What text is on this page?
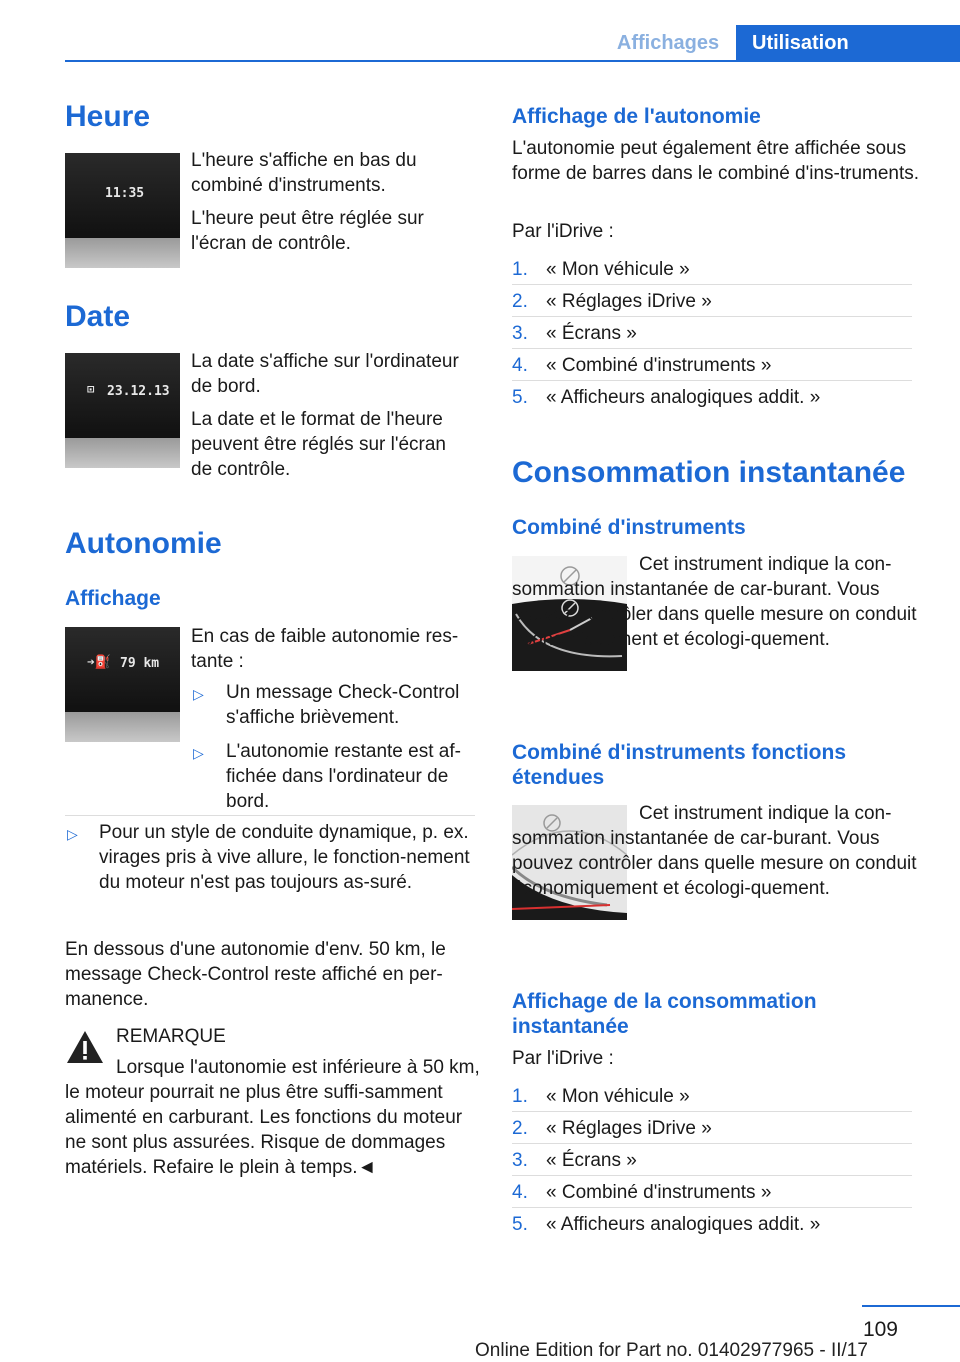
Affichages	Utilisation
Heure
11:35
L'heure s'affiche en bas du combiné d'instruments.
L'heure peut être réglée sur l'écran de contrôle.
Date
⊡ 23.12.13
La date s'affiche sur l'ordinateur de bord.
La date et le format de l'heure peuvent être réglés sur l'écran de contrôle.
Autonomie
Affichage
➔⛽ 79 km
En cas de faible autonomie res-tante :
▷ Un message Check-Control s'affiche brièvement.
▷ L'autonomie restante est af-fichée dans l'ordinateur de bord.
▷ Pour un style de conduite dynamique, p. ex. virages pris à vive allure, le fonction-nement du moteur n'est pas toujours as-suré.
En dessous d'une autonomie d'env. 50 km, le message Check-Control reste affiché en per-manence.
REMARQUE
Lorsque l'autonomie est inférieure à 50 km, le moteur pourrait ne plus être suffi-samment alimenté en carburant. Les fonctions du moteur ne sont plus assurées. Risque de dommages matériels. Refaire le plein à temps.◄
Affichage de l'autonomie
L'autonomie peut également être affichée sous forme de barres dans le combiné d'ins-truments.
Par l'iDrive :
1. « Mon véhicule »
2. « Réglages iDrive »
3. « Écrans »
4. « Combiné d'instruments »
5. « Afficheurs analogiques addit. »
Consommation instantanée
Combiné d'instruments
Cet instrument indique la con-sommation instantanée de car-burant. Vous pouvez contrôler dans quelle mesure on conduit économiquement et écologi-quement.
Combiné d'instruments fonctions étendues
Cet instrument indique la con-sommation instantanée de car-burant. Vous pouvez contrôler dans quelle mesure on conduit économiquement et écologi-quement.
Affichage de la consommation instantanée
Par l'iDrive :
1. « Mon véhicule »
2. « Réglages iDrive »
3. « Écrans »
4. « Combiné d'instruments »
5. « Afficheurs analogiques addit. »
109
Online Edition for Part no. 01402977965 - II/17
